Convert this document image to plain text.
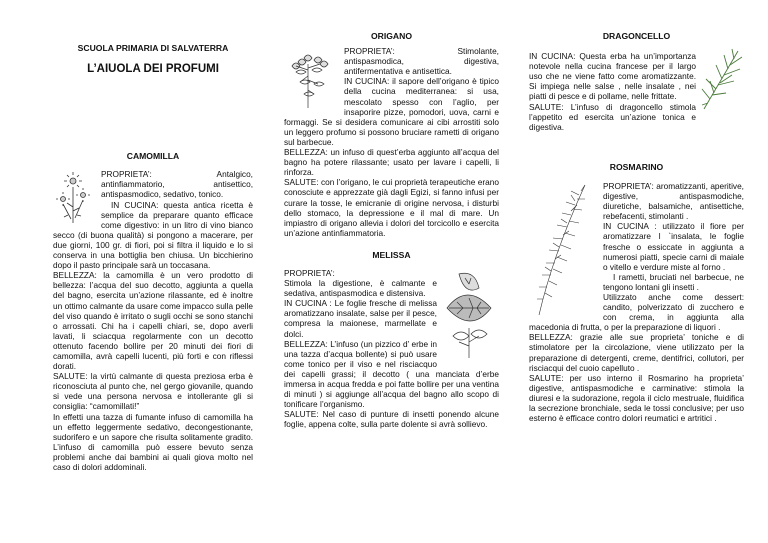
SCUOLA PRIMARIA DI SALVATERRA

L’AIUOLA DEI PROFUMI

CAMOMILLA

PROPRIETA’: Antalgico, antinfiammatorio, antisettico, antispasmodico, sedativo, tonico.

IN CUCINA: questa antica ricetta è semplice da preparare quanto efficace come digestivo: in un litro di vino bianco secco (di buona qualità) si pongono a macerare, per due giorni, 100 gr. di fiori, poi si filtra il liquido e lo si conserva in una bottiglia ben chiusa. Un bicchierino dopo il pasto principale sarà un toccasana.

BELLEZZA: la camomilla è un vero prodotto di bellezza: l’acqua del suo decotto, aggiunta a quella del bagno, esercita un’azione rilassante, ed è inoltre un ottimo calmante da usare come impacco sulla pelle del viso quando è irritato o sugli occhi se sono stanchi o arrossati. Chi ha i capelli chiari, se, dopo averli lavati, li sciacqua regolarmente con un decotto ottenuto facendo bollire per 20 minuti dei fiori di camomilla, avrà capelli lucenti, più forti e con riflessi dorati.

SALUTE: la virtù calmante di questa preziosa erba è riconosciuta al punto che, nel gergo giovanile, quando si vede una persona nervosa e intollerante gli si consiglia: “camomillati!”

In effetti una tazza di fumante infuso di camomilla ha un effetto leggermente sedativo, decongestionante, sudorifero e un sapore che risulta solitamente gradito. L’infuso di camomilla può essere bevuto senza problemi anche dai bambini ai quali giova molto nel caso di dolori addominali.

ORIGANO

PROPRIETA’: Stimolante, antispasmodica, digestiva, antifermentativa e antisettica.

IN CUCINA: il sapore dell’origano è tipico della cucina mediterranea: si usa, mescolato spesso con l’aglio, per insaporire pizze, pomodori, uova, carni e formaggi. Se si desidera comunicare ai cibi arrostiti solo un leggero profumo si possono bruciare rametti di origano sul barbecue.

BELLEZZA: un infuso di quest’erba aggiunto all’acqua del bagno ha potere rilassante; usato per lavare i capelli, li rinforza.

SALUTE: con l’origano, le cui proprietà terapeutiche erano conosciute e apprezzate già dagli Egizi, si fanno infusi per curare la tosse, le emicranie di origine nervosa, i disturbi dello stomaco, la depressione e il mal di mare. Un impiastro di origano allevia i dolori del torcicollo e esercita un’azione antinfiammatoria.

MELISSA

PROPRIETA’:

Stimola la digestione, è calmante e sedativa, antispasmodica e distensiva.

IN CUCINA : Le foglie fresche di melissa aromatizzano insalate, salse per il pesce, compresa la maionese, marmellate e dolci.

BELLEZZA: L’infuso (un pizzico d’ erbe in una tazza d’acqua bollente) si può usare come tonico per il viso e nel risciacquo dei capelli grassi; il decotto ( una manciata d’erbe immersa in acqua fredda e poi fatte bollire per una ventina di minuti ) si aggiunge all’acqua del bagno allo scopo di tonificare l’organismo.

SALUTE: Nel caso di punture di insetti ponendo alcune foglie, appena colte, sulla parte dolente si avrà sollievo.

DRAGONCELLO

IN CUCINA: Questa erba ha un’importanza notevole nella cucina francese per il largo uso che ne viene fatto come aromatizzante. Si impiega nelle salse , nelle insalate , nei piatti di pesce e di pollame, nelle frittate.

SALUTE: L’infuso di dragoncello stimola l’appetito ed esercita un’azione tonica e digestiva.

ROSMARINO

PROPRIETA’: aromatizzanti, aperitive, digestive, antispasmodiche, diuretiche, balsamiche, antisettiche, rebefacenti, stimolanti .

IN CUCINA : utilizzato il fiore per aromatizzare l `insalata, le foglie fresche o essiccate in aggiunta a numerosi piatti, specie carni di maiale o vitello e verdure miste al forno .

I rametti, bruciati nel barbecue, ne tengono lontani gli insetti .

Utilizzato anche come dessert: candito, polverizzato di zucchero e con crema, in aggiunta alla macedonia di frutta, o per la preparazione di liquori .

BELLEZZA: grazie alle sue proprieta’ toniche e di stimolatore per la circolazione, viene utilizzato per la preparazione di detergenti, creme, dentifrici, collutori, per risciacqui del cuoio capelluto .

SALUTE: per uso interno il Rosmarino ha proprieta’ digestive, antispasmodiche e carminative: stimola la diuresi e la sudorazione, regola il ciclo mestruale, fluidifica la secrezione bronchiale, seda le tossi conclusive; per uso esterno è efficace contro dolori reumatici e artritici .
